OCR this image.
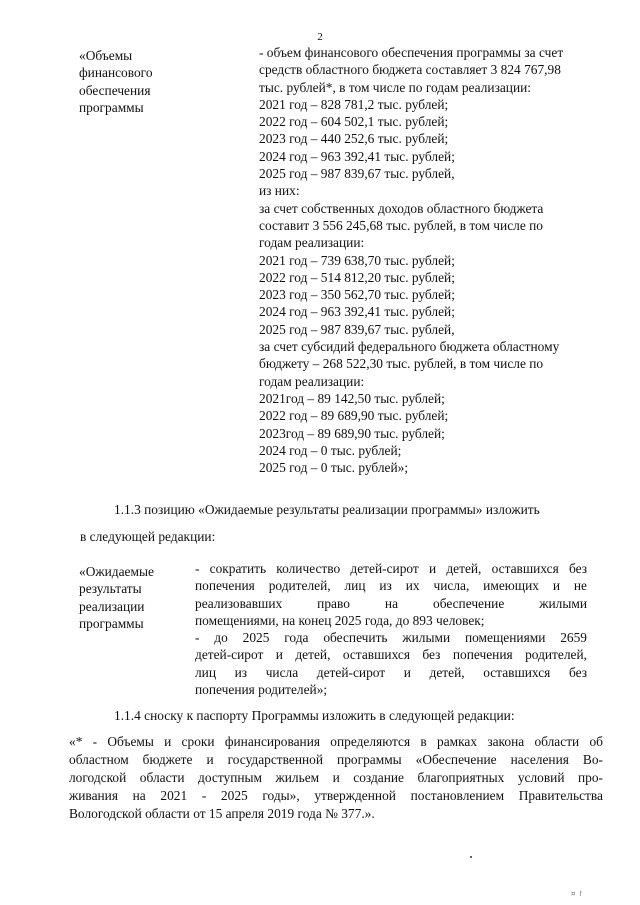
2
«Объемы
финансового
обеспечения
программы
- объем финансового обеспечения программы за счет
средств областного бюджета составляет 3 824 767,98
тыс. рублей*, в том числе по годам реализации:
2021 год – 828 781,2 тыс. рублей;
2022 год – 604 502,1 тыс. рублей;
2023 год – 440 252,6 тыс. рублей;
2024 год – 963 392,41 тыс. рублей;
2025 год – 987 839,67 тыс. рублей,
из них:
за счет собственных доходов областного бюджета
составит 3 556 245,68 тыс. рублей, в том числе по
годам реализации:
2021 год – 739 638,70 тыс. рублей;
2022 год – 514 812,20 тыс. рублей;
2023 год – 350 562,70 тыс. рублей;
2024 год – 963 392,41 тыс. рублей;
2025 год – 987 839,67 тыс. рублей,
за счет субсидий федерального бюджета областному
бюджету – 268 522,30 тыс. рублей, в том числе по
годам реализации:
2021год – 89 142,50 тыс. рублей;
2022 год – 89 689,90 тыс. рублей;
2023год – 89 689,90 тыс. рублей;
2024 год – 0 тыс. рублей;
2025 год – 0 тыс. рублей»;
1.1.3 позицию «Ожидаемые результаты реализации программы» изложить
в следующей редакции:
«Ожидаемые
результаты
реализации
программы
- сократить количество детей-сирот и детей, оставшихся без
попечения родителей, лиц из их числа, имеющих и не
реализовавших право на обеспечение жилыми
помещениями, на конец 2025 года, до 893 человек;
- до 2025 года обеспечить жилыми помещениями 2659
детей-сирот и детей, оставшихся без попечения родителей,
лиц из числа детей-сирот и детей, оставшихся без
попечения родителей»;
1.1.4 сноску к паспорту Программы изложить в следующей редакции:
«* - Объемы и сроки финансирования определяются в рамках закона области об
областном бюджете и государственной программы «Обеспечение населения Во-
логодской области доступным жильем и создание благоприятных условий про-
живания на 2021 - 2025 годы», утвержденной постановлением Правительства
Вологодской области от 15 апреля 2019 года № 377.».
¤ ↾
